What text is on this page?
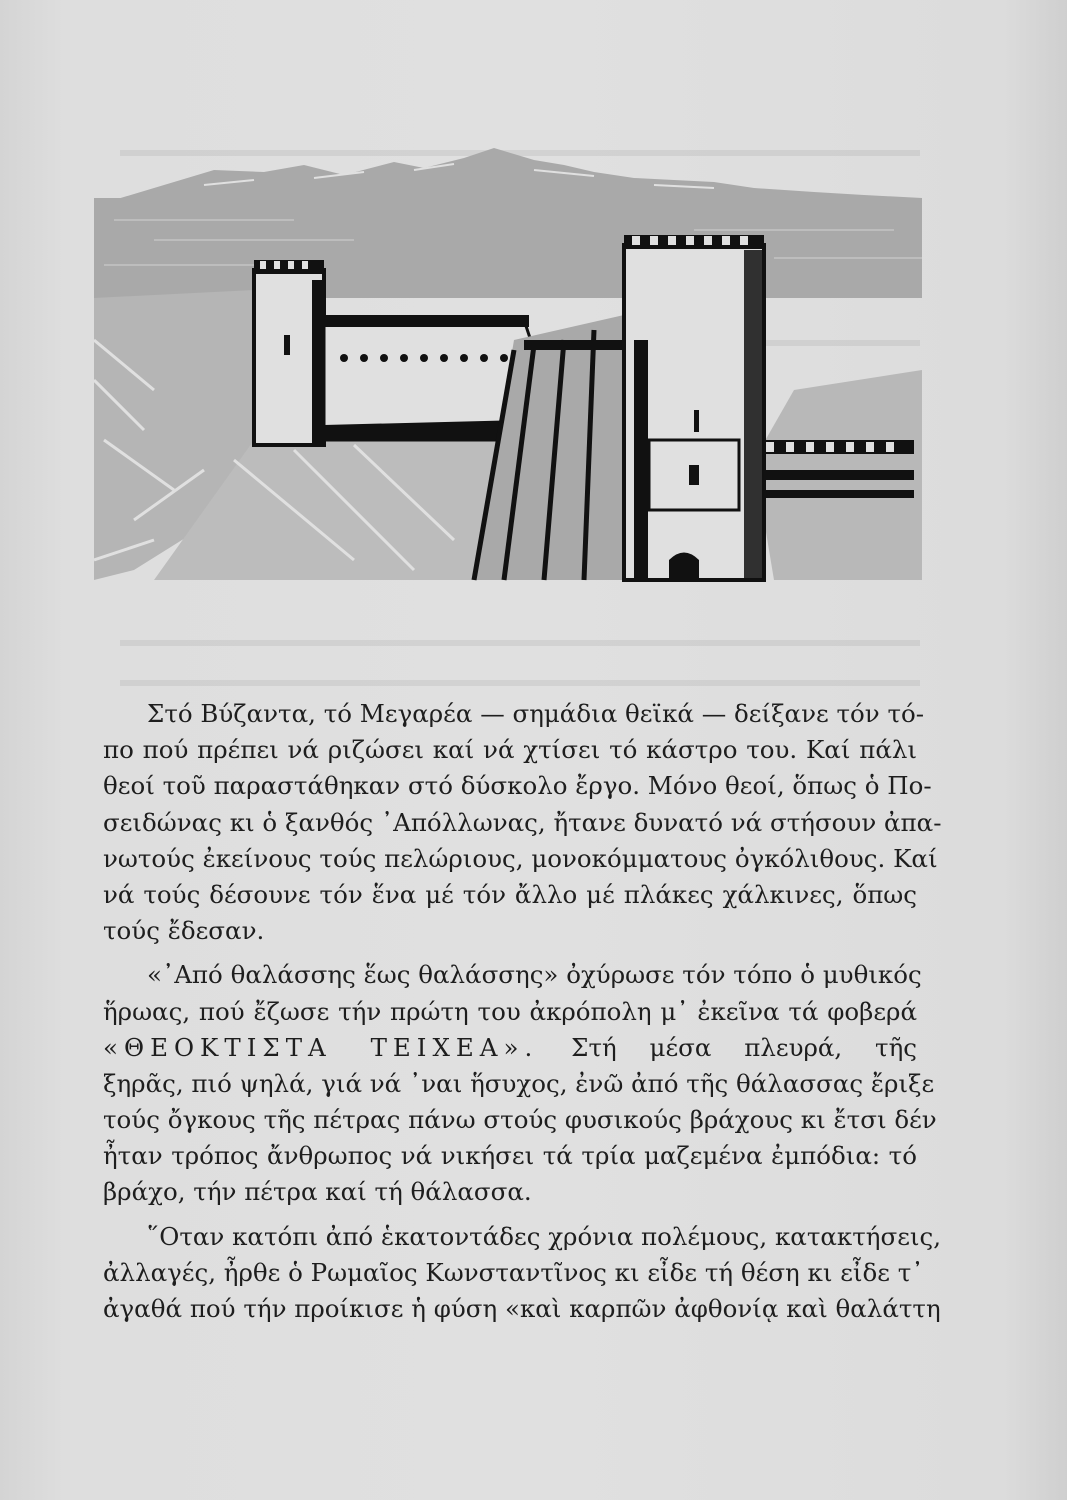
Στό Βύζαντα, τό Μεγαρέα — σημάδια θεϊκά — δείξανε τόν τό-
πο πού πρέπει νά ριζώσει καί νά χτίσει τό κάστρο του. Καί πάλι
θεοί τοῦ παραστάθηκαν στό δύσκολο ἔργο. Μόνο θεοί, ὅπως ὁ Πο-
σειδώνας κι ὁ ξανθός ᾿Απόλλωνας, ἤτανε δυνατό νά στήσουν ἀπα-
νωτούς ἐκείνους τούς πελώριους, μονοκόμματους ὀγκόλιθους. Καί
νά τούς δέσουνε τόν ἕνα μέ τόν ἄλλο μέ πλάκες χάλκινες, ὅπως
τούς ἔδεσαν.
«᾿Από θαλάσσης ἕως θαλάσσης» ὀχύρωσε τόν τόπο ὁ μυθικός
ἥρωας, πού ἔζωσε τήν πρώτη του ἀκρόπολη μ᾿ ἐκεῖνα τά φοβερά
«ΘΕΟΚΤΙΣΤΑ ΤΕΙΧΕΑ». Στή μέσα πλευρά, τῆς
ξηρᾶς, πιό ψηλά, γιά νά ᾽ναι ἥσυχος, ἐνῶ ἀπό τῆς θάλασσας ἔριξε
τούς ὄγκους τῆς πέτρας πάνω στούς φυσικούς βράχους κι ἔτσι δέν
ἦταν τρόπος ἄνθρωπος νά νικήσει τά τρία μαζεμένα ἐμπόδια: τό
βράχο, τήν πέτρα καί τή θάλασσα.
῞Οταν κατόπι ἀπό ἑκατοντάδες χρόνια πολέμους, κατακτήσεις,
ἀλλαγές, ἦρθε ὁ Ρωμαῖος Κωνσταντῖνος κι εἶδε τή θέση κι εἶδε τ᾿
ἀγαθά πού τήν προίκισε ἡ φύση «καὶ καρπῶν ἀφθονίᾳ καὶ θαλάττη
